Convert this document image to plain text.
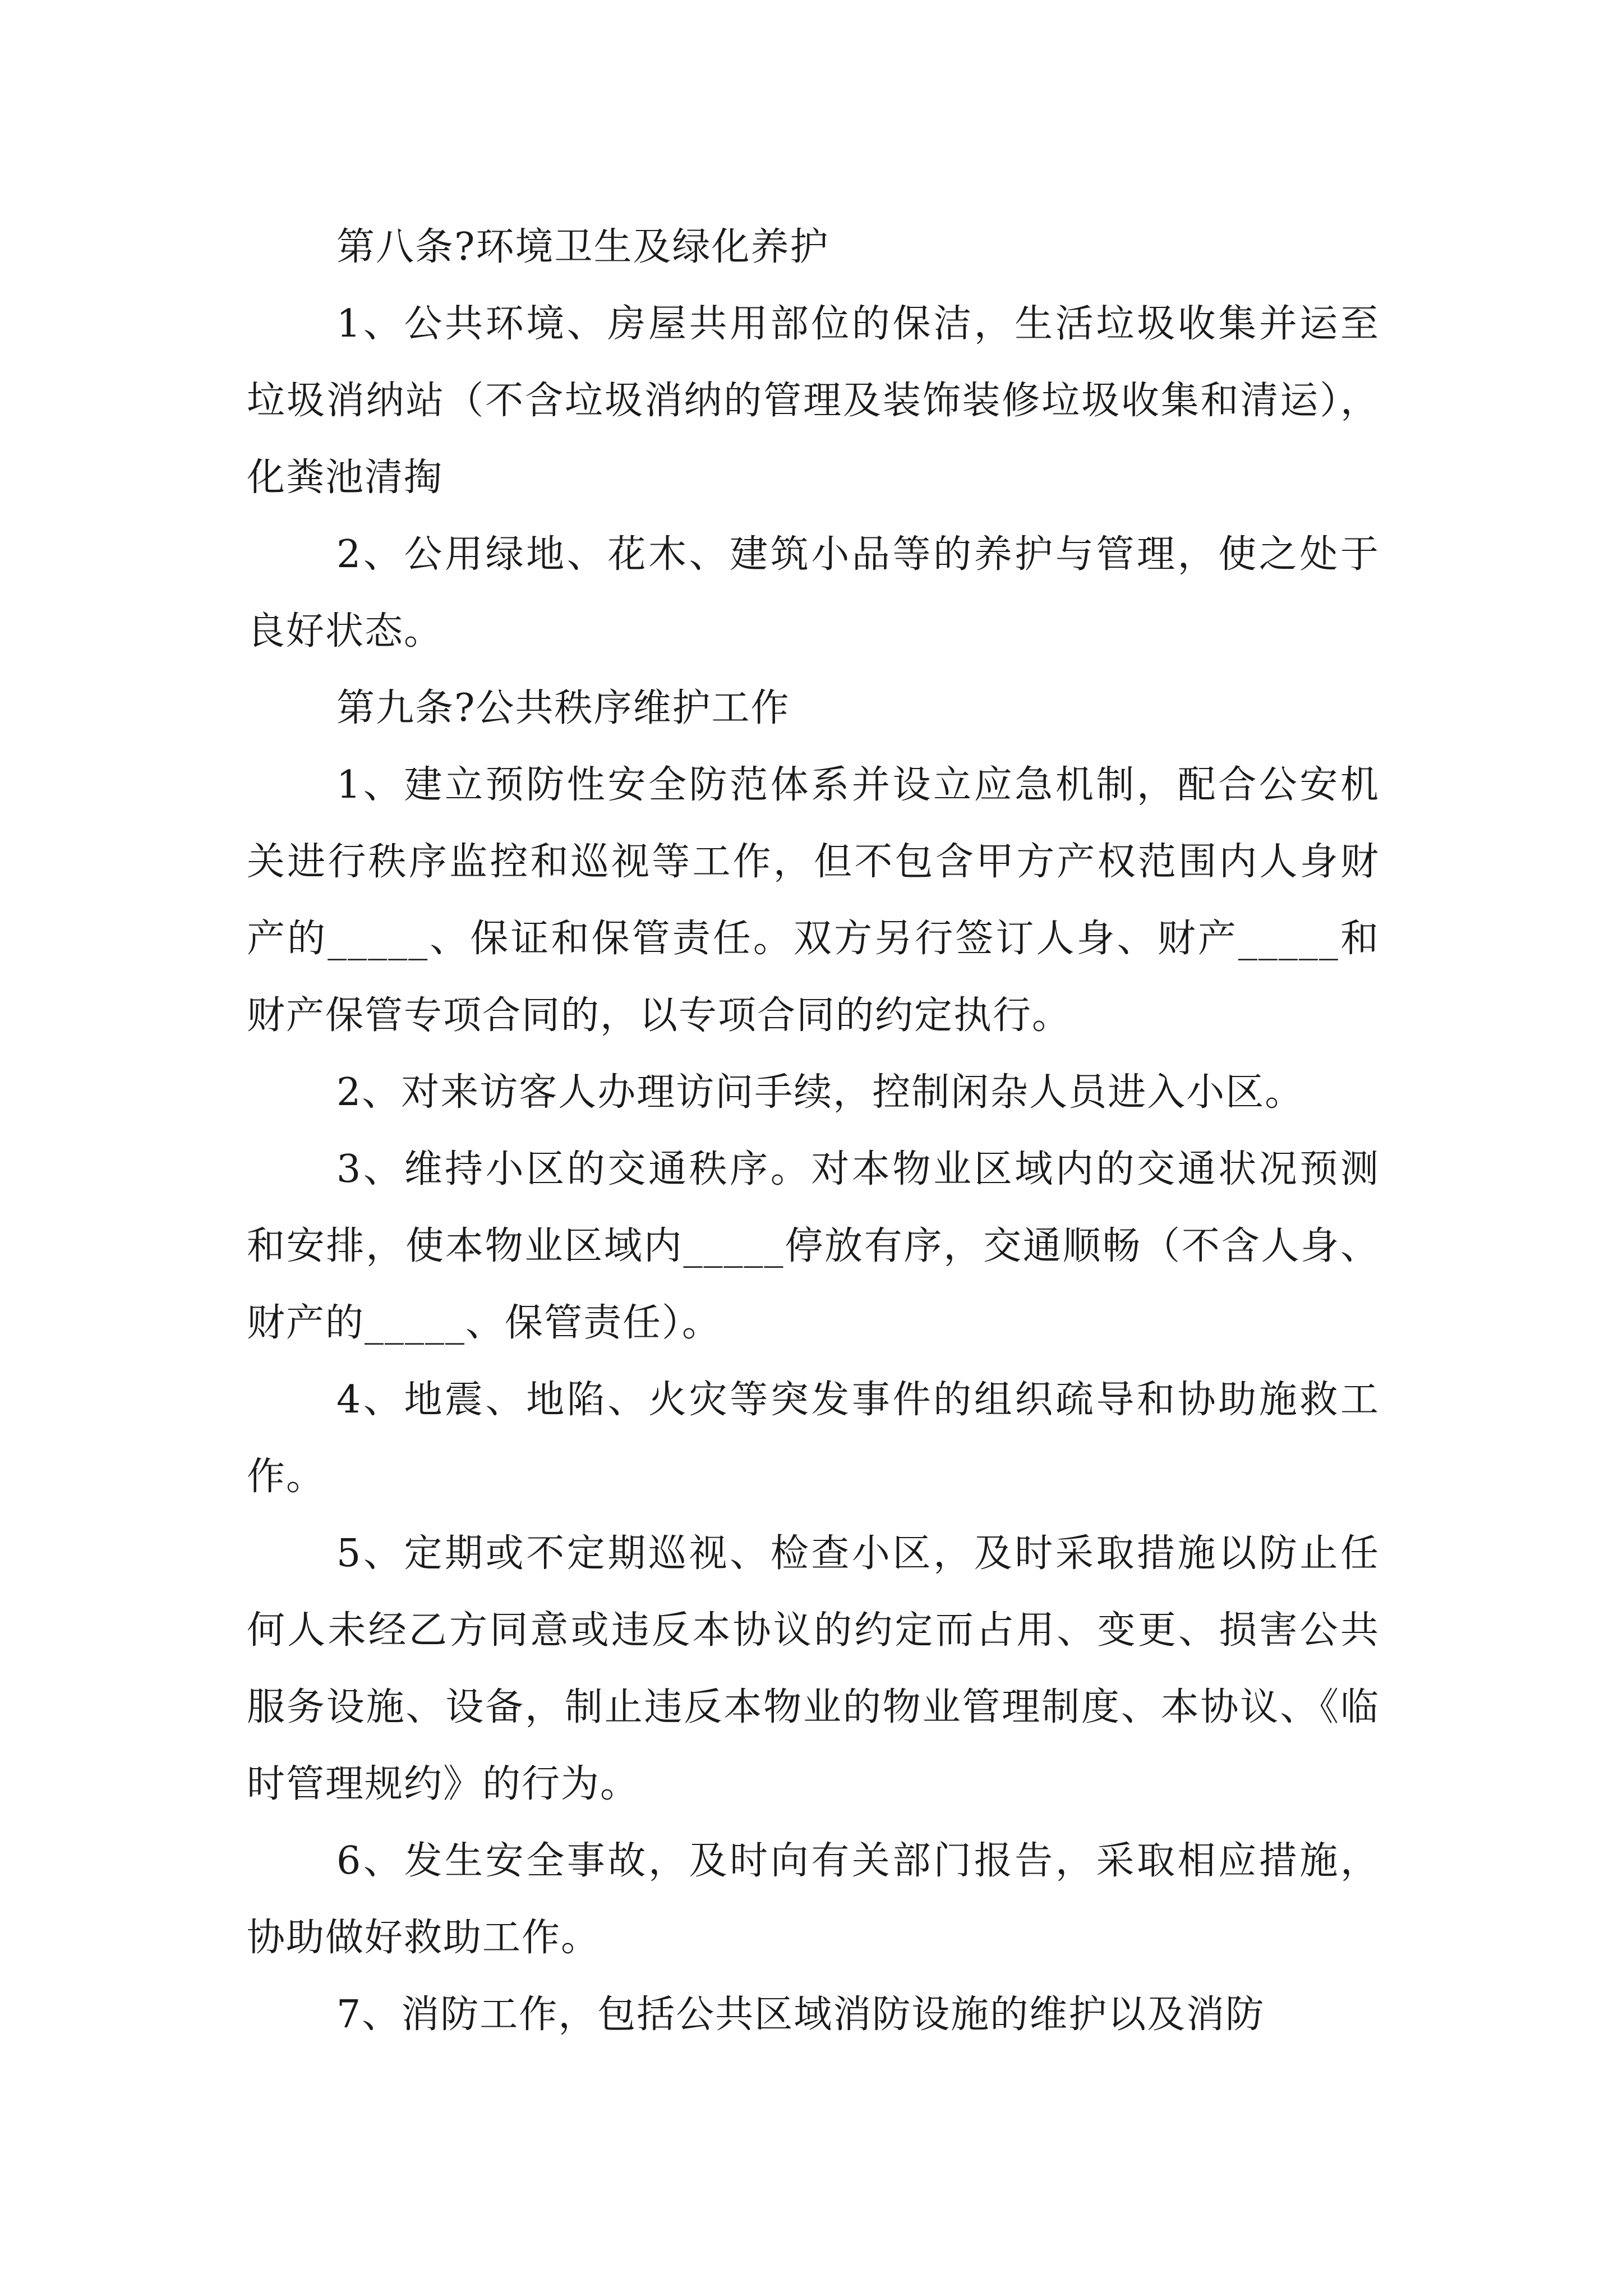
第八条?环境卫生及绿化养护

1、公共环境、房屋共用部位的保洁，生活垃圾收集并运至垃圾消纳站（不含垃圾消纳的管理及装饰装修垃圾收集和清运），化粪池清掏

2、公用绿地、花木、建筑小品等的养护与管理，使之处于良好状态。

第九条?公共秩序维护工作

1、建立预防性安全防范体系并设立应急机制，配合公安机关进行秩序监控和巡视等工作，但不包含甲方产权范围内人身财产的_____、保证和保管责任。双方另行签订人身、财产_____和财产保管专项合同的，以专项合同的约定执行。

2、对来访客人办理访问手续，控制闲杂人员进入小区。

3、维持小区的交通秩序。对本物业区域内的交通状况预测和安排，使本物业区域内_____停放有序，交通顺畅（不含人身、财产的_____、保管责任）。

4、地震、地陷、火灾等突发事件的组织疏导和协助施救工作。

5、定期或不定期巡视、检查小区，及时采取措施以防止任何人未经乙方同意或违反本协议的约定而占用、变更、损害公共服务设施、设备，制止违反本物业的物业管理制度、本协议、《临时管理规约》的行为。

6、发生安全事故，及时向有关部门报告，采取相应措施，协助做好救助工作。

7、消防工作，包括公共区域消防设施的维护以及消防
